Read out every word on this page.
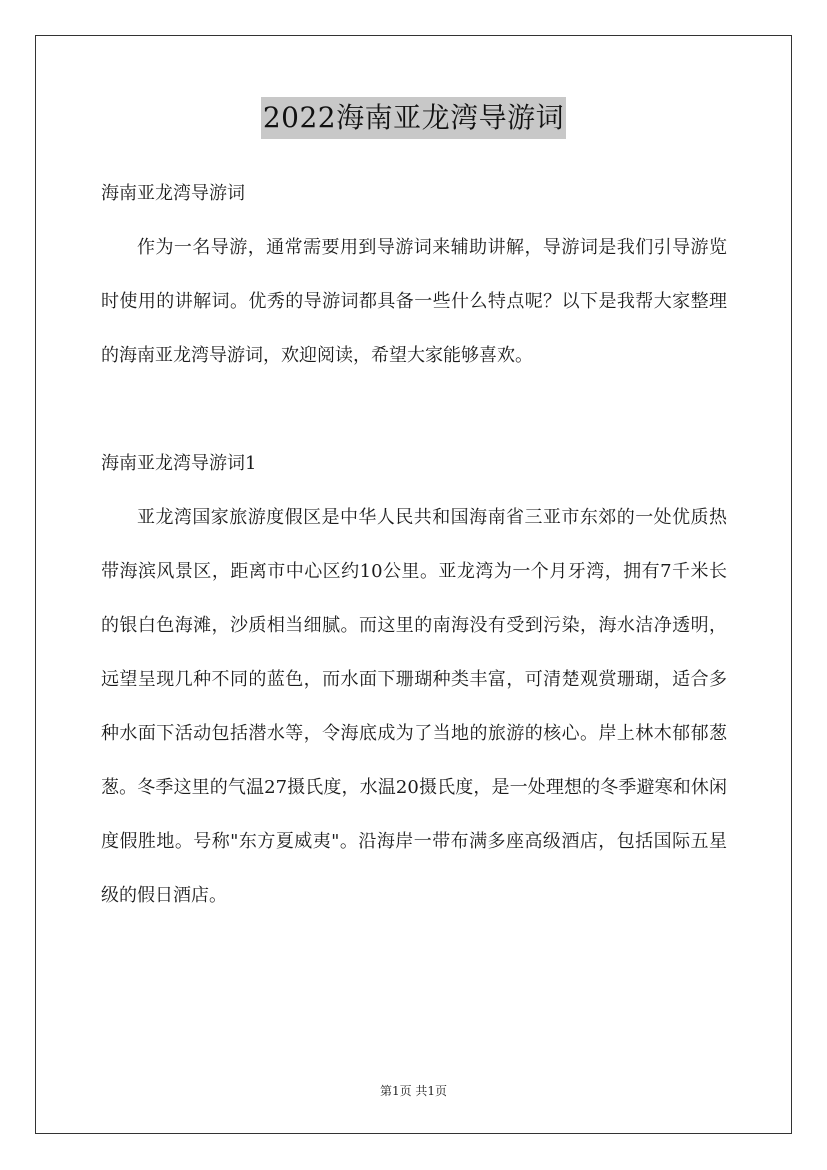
2022海南亚龙湾导游词

海南亚龙湾导游词

作为一名导游，通常需要用到导游词来辅助讲解，导游词是我们引导游览时使用的讲解词。优秀的导游词都具备一些什么特点呢？以下是我帮大家整理的海南亚龙湾导游词，欢迎阅读，希望大家能够喜欢。

海南亚龙湾导游词1

亚龙湾国家旅游度假区是中华人民共和国海南省三亚市东郊的一处优质热带海滨风景区，距离市中心区约10公里。亚龙湾为一个月牙湾，拥有7千米长的银白色海滩，沙质相当细腻。而这里的南海没有受到污染，海水洁净透明，远望呈现几种不同的蓝色，而水面下珊瑚种类丰富，可清楚观赏珊瑚，适合多种水面下活动包括潜水等，令海底成为了当地的旅游的核心。岸上林木郁郁葱葱。冬季这里的气温27摄氏度，水温20摄氏度，是一处理想的冬季避寒和休闲度假胜地。号称"东方夏威夷"。沿海岸一带布满多座高级酒店，包括国际五星级的假日酒店。

第1页 共1页
